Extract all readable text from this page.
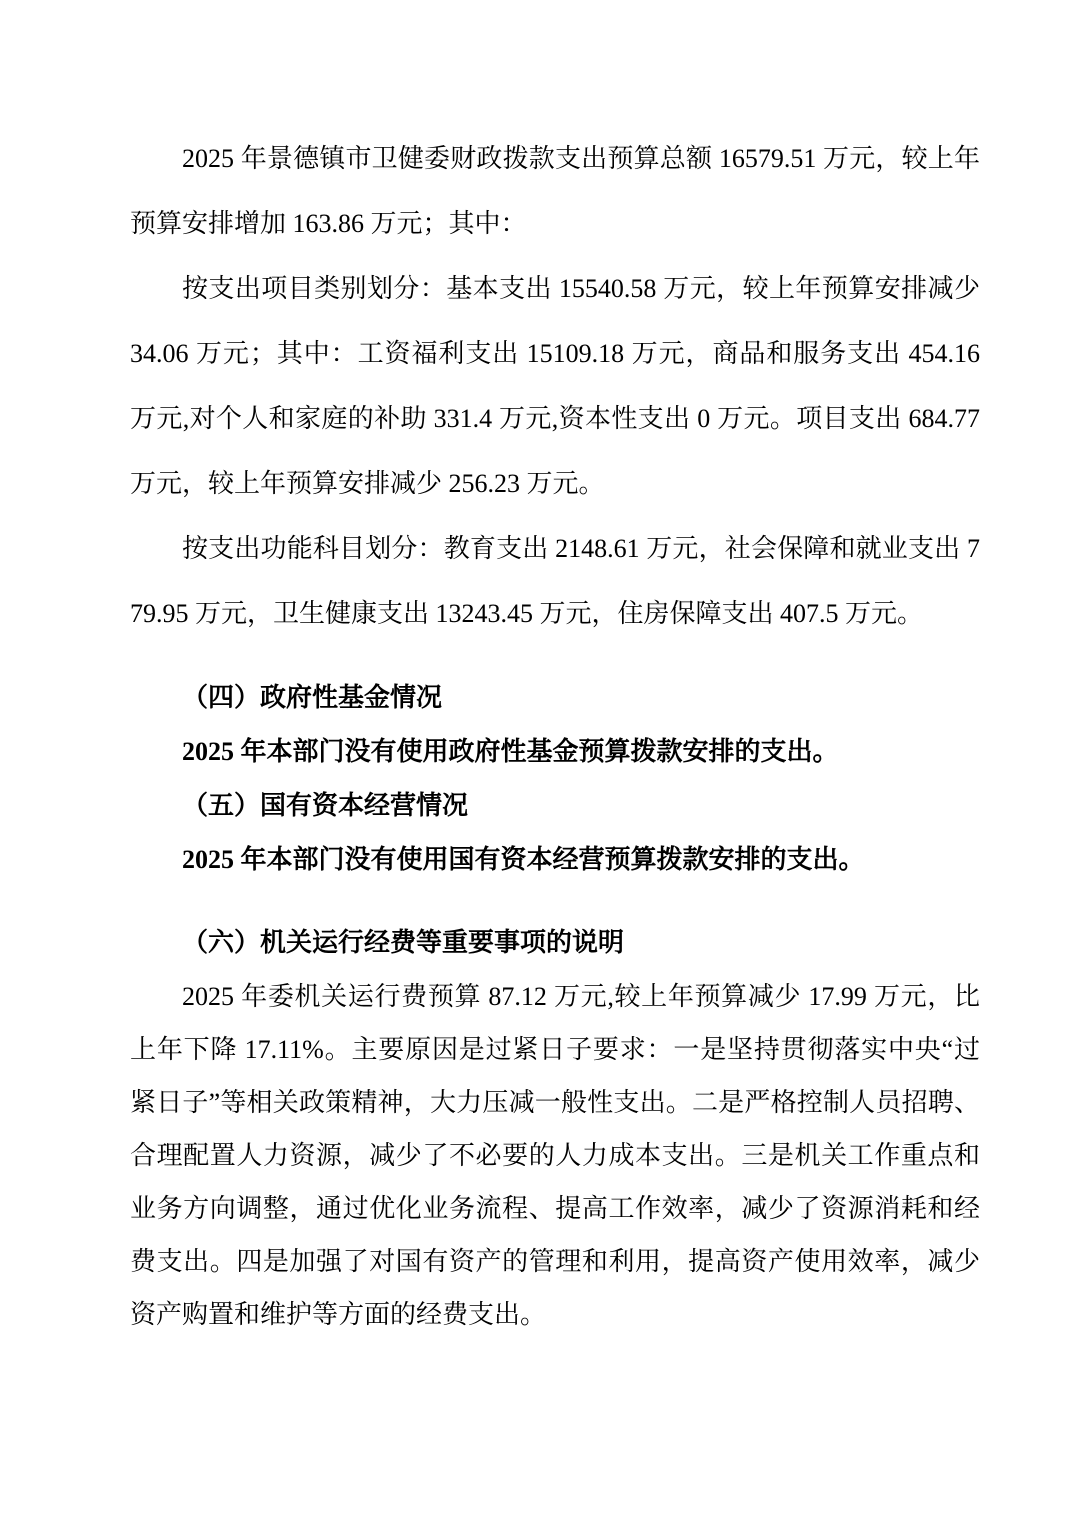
2025 年景德镇市卫健委财政拨款支出预算总额 16579.51 万元，较上年预算安排增加 163.86 万元；其中：

按支出项目类别划分：基本支出 15540.58 万元，较上年预算安排减少 34.06 万元；其中：工资福利支出 15109.18 万元，商品和服务支出 454.16 万元,对个人和家庭的补助 331.4 万元,资本性支出 0 万元。项目支出 684.77 万元，较上年预算安排减少 256.23 万元。

按支出功能科目划分：教育支出 2148.61 万元，社会保障和就业支出 779.95 万元，卫生健康支出 13243.45 万元，住房保障支出 407.5 万元。

（四）政府性基金情况

2025 年本部门没有使用政府性基金预算拨款安排的支出。

（五）国有资本经营情况

2025 年本部门没有使用国有资本经营预算拨款安排的支出。

（六）机关运行经费等重要事项的说明

2025 年委机关运行费预算 87.12 万元,较上年预算减少 17.99 万元，比上年下降 17.11%。主要原因是过紧日子要求：一是坚持贯彻落实中央“过紧日子”等相关政策精神，大力压减一般性支出。二是严格控制人员招聘、合理配置人力资源，减少了不必要的人力成本支出。三是机关工作重点和业务方向调整，通过优化业务流程、提高工作效率，减少了资源消耗和经费支出。四是加强了对国有资产的管理和利用，提高资产使用效率，减少资产购置和维护等方面的经费支出。
